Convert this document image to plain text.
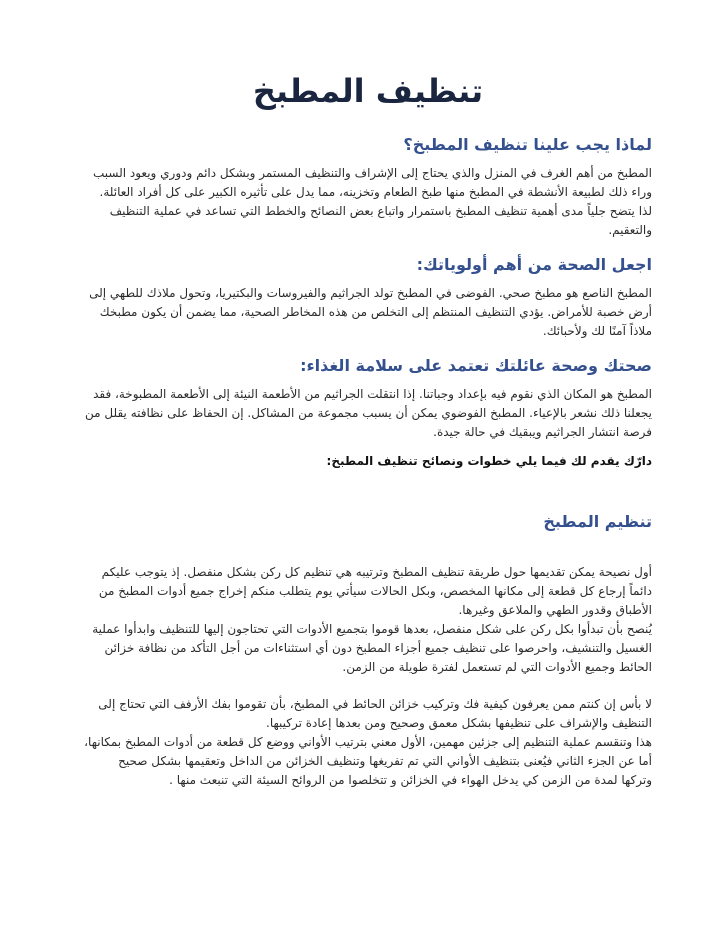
تنظيف المطبخ
لماذا يجب علينا تنظيف المطبخ؟

المطبخ من أهم الغرف في المنزل والذي يحتاج إلى الإشراف والتنظيف المستمر وبشكل دائم ودوري ويعود السبب وراء ذلك لطبيعة الأنشطة في المطبخ منها طبخ الطعام وتخزينه، مما يدل على تأثيره الكبير على كل أفراد العائلة. لذا يتضح جلياً مدى أهمية تنظيف المطبخ باستمرار واتباع بعض النصائح والخطط التي تساعد في عملية التنظيف والتعقيم.

اجعل الصحة من أهم أولوياتك:

المطبخ الناصع هو مطبخ صحي. الفوضى في المطبخ تولد الجراثيم والفيروسات والبكتيريا، وتحول ملاذك للطهي إلى أرض خصبة للأمراض. يؤدي التنظيف المنتظم إلى التخلص من هذه المخاطر الصحية، مما يضمن أن يكون مطبخك ملاذاً آمنًا لك ولأحبائك.

صحتك وصحة عائلتك تعتمد على سلامة الغذاء:

المطبخ هو المكان الذي نقوم فيه بإعداد وجباتنا. إذا انتقلت الجراثيم من الأطعمة النيئة إلى الأطعمة المطبوخة، فقد يجعلنا ذلك نشعر بالإعياء. المطبخ الفوضوي يمكن أن يسبب مجموعة من المشاكل. إن الحفاظ على نظافته يقلل من فرصة انتشار الجراثيم ويبقيك في حالة جيدة.

دارّك يقدم لك فيما يلي خطوات ونصائح تنظيف المطبخ:

تنظيم المطبخ

أول نصيحة يمكن تقديمها حول طريقة تنظيف المطبخ وترتيبه هي تنظيم كل ركن بشكل منفصل. إذ يتوجب عليكم دائماً إرجاع كل قطعة إلى مكانها المخصص، وبكل الحالات سيأتي يوم يتطلب منكم إخراج جميع أدوات المطبخ من الأطباق وقدور الطهي والملاعق وغيرها.

يُنصح بأن تبدأوا بكل ركن على شكل منفصل، بعدها قوموا بتجميع الأدوات التي تحتاجون إليها للتنظيف وابدأوا عملية الغسيل والتنشيف، واحرصوا على تنظيف جميع أجزاء المطبخ دون أي استثناءات من أجل التأكد من نظافة خزائن الحائط وجميع الأدوات التي لم تستعمل لفترة طويلة من الزمن.

لا بأس إن كنتم ممن يعرفون كيفية فك وتركيب خزائن الحائط في المطبخ، بأن تقوموا بفك الأرفف التي تحتاج إلى التنظيف والإشراف على تنظيفها بشكل معمق وصحيح ومن بعدها إعادة تركيبها.

هذا وتنقسم عملية التنظيم إلى جزئين مهمين، الأول معني بترتيب الأواني ووضع كل قطعة من أدوات المطبخ بمكانها، أما عن الجزء الثاني فيُعنى بتنظيف الأواني التي تم تفريغها وتنظيف الخزائن من الداخل وتعقيمها بشكل صحيح وتركها لمدة من الزمن كي يدخل الهواء في الخزائن و تتخلصوا من الروائح السيئة التي تنبعث منها .
